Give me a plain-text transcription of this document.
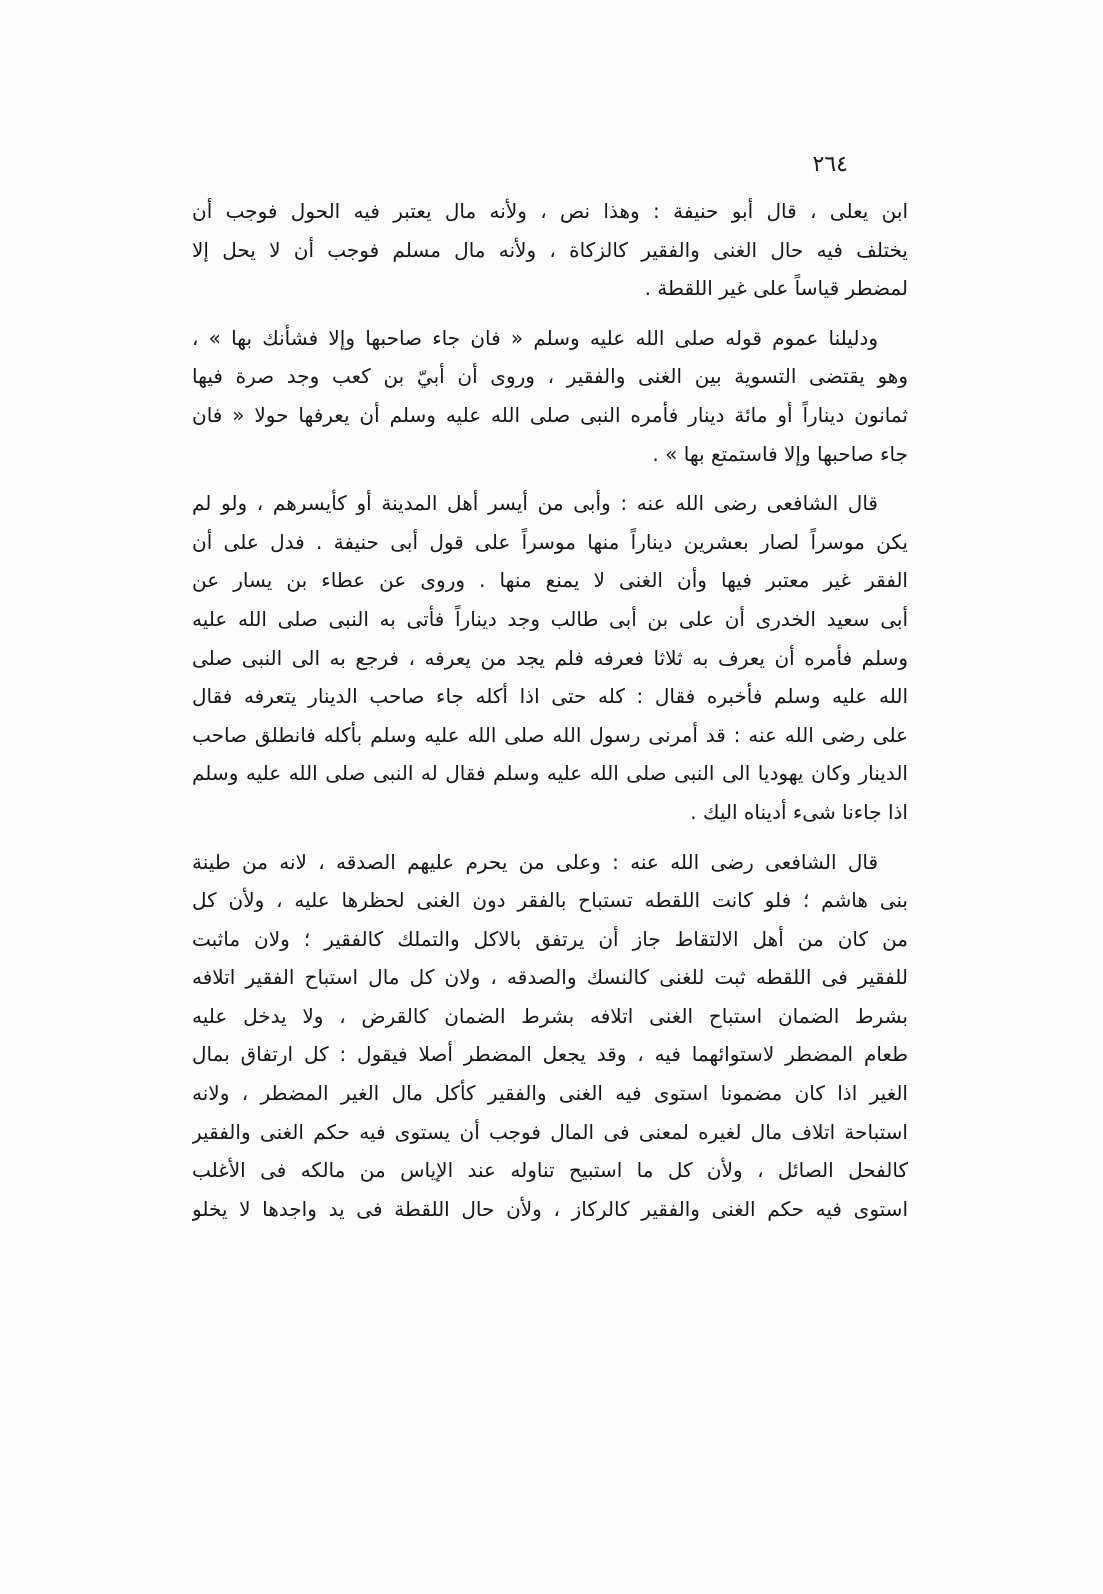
٢٦٤
ابن يعلى ، قال أبو حنيفة : وهذا نص ، ولأنه مال يعتبر فيه الحول فوجب أن
يختلف فيه حال الغنى والفقير كالزكاة ، ولأنه مال مسلم فوجب أن لا يحل إلا
لمضطر قياساً على غير اللقطة .
ودليلنا عموم قوله صلى الله عليه وسلم « فان جاء صاحبها وإلا فشأنك بها » ،
وهو يقتضى التسوية بين الغنى والفقير ، وروى أن أبيّ بن كعب وجد صرة فيها
ثمانون ديناراً أو مائة دينار فأمره النبى صلى الله عليه وسلم أن يعرفها حولا « فان
جاء صاحبها وإلا فاستمتع بها » .
قال الشافعى رضى الله عنه : وأبى من أيسر أهل المدينة أو كأيسرهم ، ولو لم
يكن موسراً لصار بعشرين ديناراً منها موسراً على قول أبى حنيفة . فدل على أن
الفقر غير معتبر فيها وأن الغنى لا يمنع منها . وروى عن عطاء بن يسار عن
أبى سعيد الخدرى أن على بن أبى طالب وجد ديناراً فأتى به النبى صلى الله عليه
وسلم فأمره أن يعرف به ثلاثا فعرفه فلم يجد من يعرفه ، فرجع به الى النبى صلى
الله عليه وسلم فأخبره فقال : كله حتى اذا أكله جاء صاحب الدينار يتعرفه فقال
على رضى الله عنه : قد أمرنى رسول الله صلى الله عليه وسلم بأكله فانطلق صاحب
الدينار وكان يهوديا الى النبى صلى الله عليه وسلم فقال له النبى صلى الله عليه وسلم
اذا جاءنا شىء أديناه اليك .
قال الشافعى رضى الله عنه : وعلى من يحرم عليهم الصدقه ، لانه من طينة
بنى هاشم ؛ فلو كانت اللقطه تستباح بالفقر دون الغنى لحظرها عليه ، ولأن كل
من كان من أهل الالتقاط جاز أن يرتفق بالاكل والتملك كالفقير ؛ ولان ماثبت
للفقير فى اللقطه ثبت للغنى كالنسك والصدقه ، ولان كل مال استباح الفقير اتلافه
بشرط الضمان استباح الغنى اتلافه بشرط الضمان كالقرض ، ولا يدخل عليه
طعام المضطر لاستوائهما فيه ، وقد يجعل المضطر أصلا فيقول : كل ارتفاق بمال
الغير اذا كان مضمونا استوى فيه الغنى والفقير كأكل مال الغير المضطر ، ولانه
استباحة اتلاف مال لغيره لمعنى فى المال فوجب أن يستوى فيه حكم الغنى والفقير
كالفحل الصائل ، ولأن كل ما استبيح تناوله عند الإياس من مالكه فى الأغلب
استوى فيه حكم الغنى والفقير كالركاز ، ولأن حال اللقطة فى يد واجدها لا يخلو
